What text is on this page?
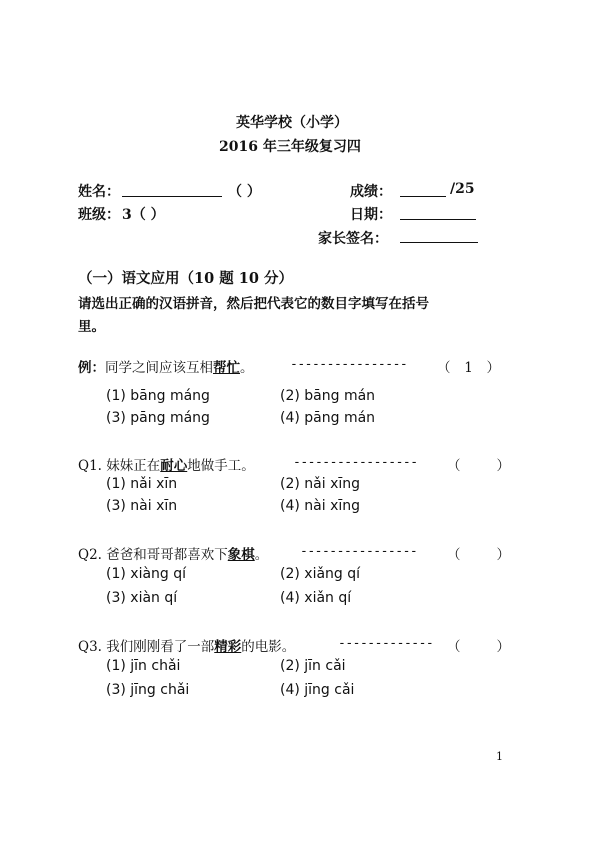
英华学校（小学）
2016 年三年级复习四
姓名：	（ ）	成绩：	/25
班级： 3（ ）	日期：
家长签名：
（一）语文应用（10 题 10 分）
请选出正确的汉语拼音，然后把代表它的数目字填写在括号
里。
例：同学之间应该互相帮忙。	---------------- （ 1 ）
(1) bāng máng	(2) bāng mán
(3) pāng máng	(4) pāng mán
Q1. 妹妹正在耐心地做手工。	----------------- （	）
(1) nǎi xīn	(2) nǎi xīng
(3) nài xīn	(4) nài xīng
Q2. 爸爸和哥哥都喜欢下象棋。 ---------------- （	）
(1) xiàng qí	(2) xiǎng qí
(3) xiàn qí	(4) xiǎn qí
Q3. 我们刚刚看了一部精彩的电影。	------------- （	）
(1) jīn chǎi	(2) jīn cǎi
(3) jīng chǎi	(4) jīng cǎi
1
